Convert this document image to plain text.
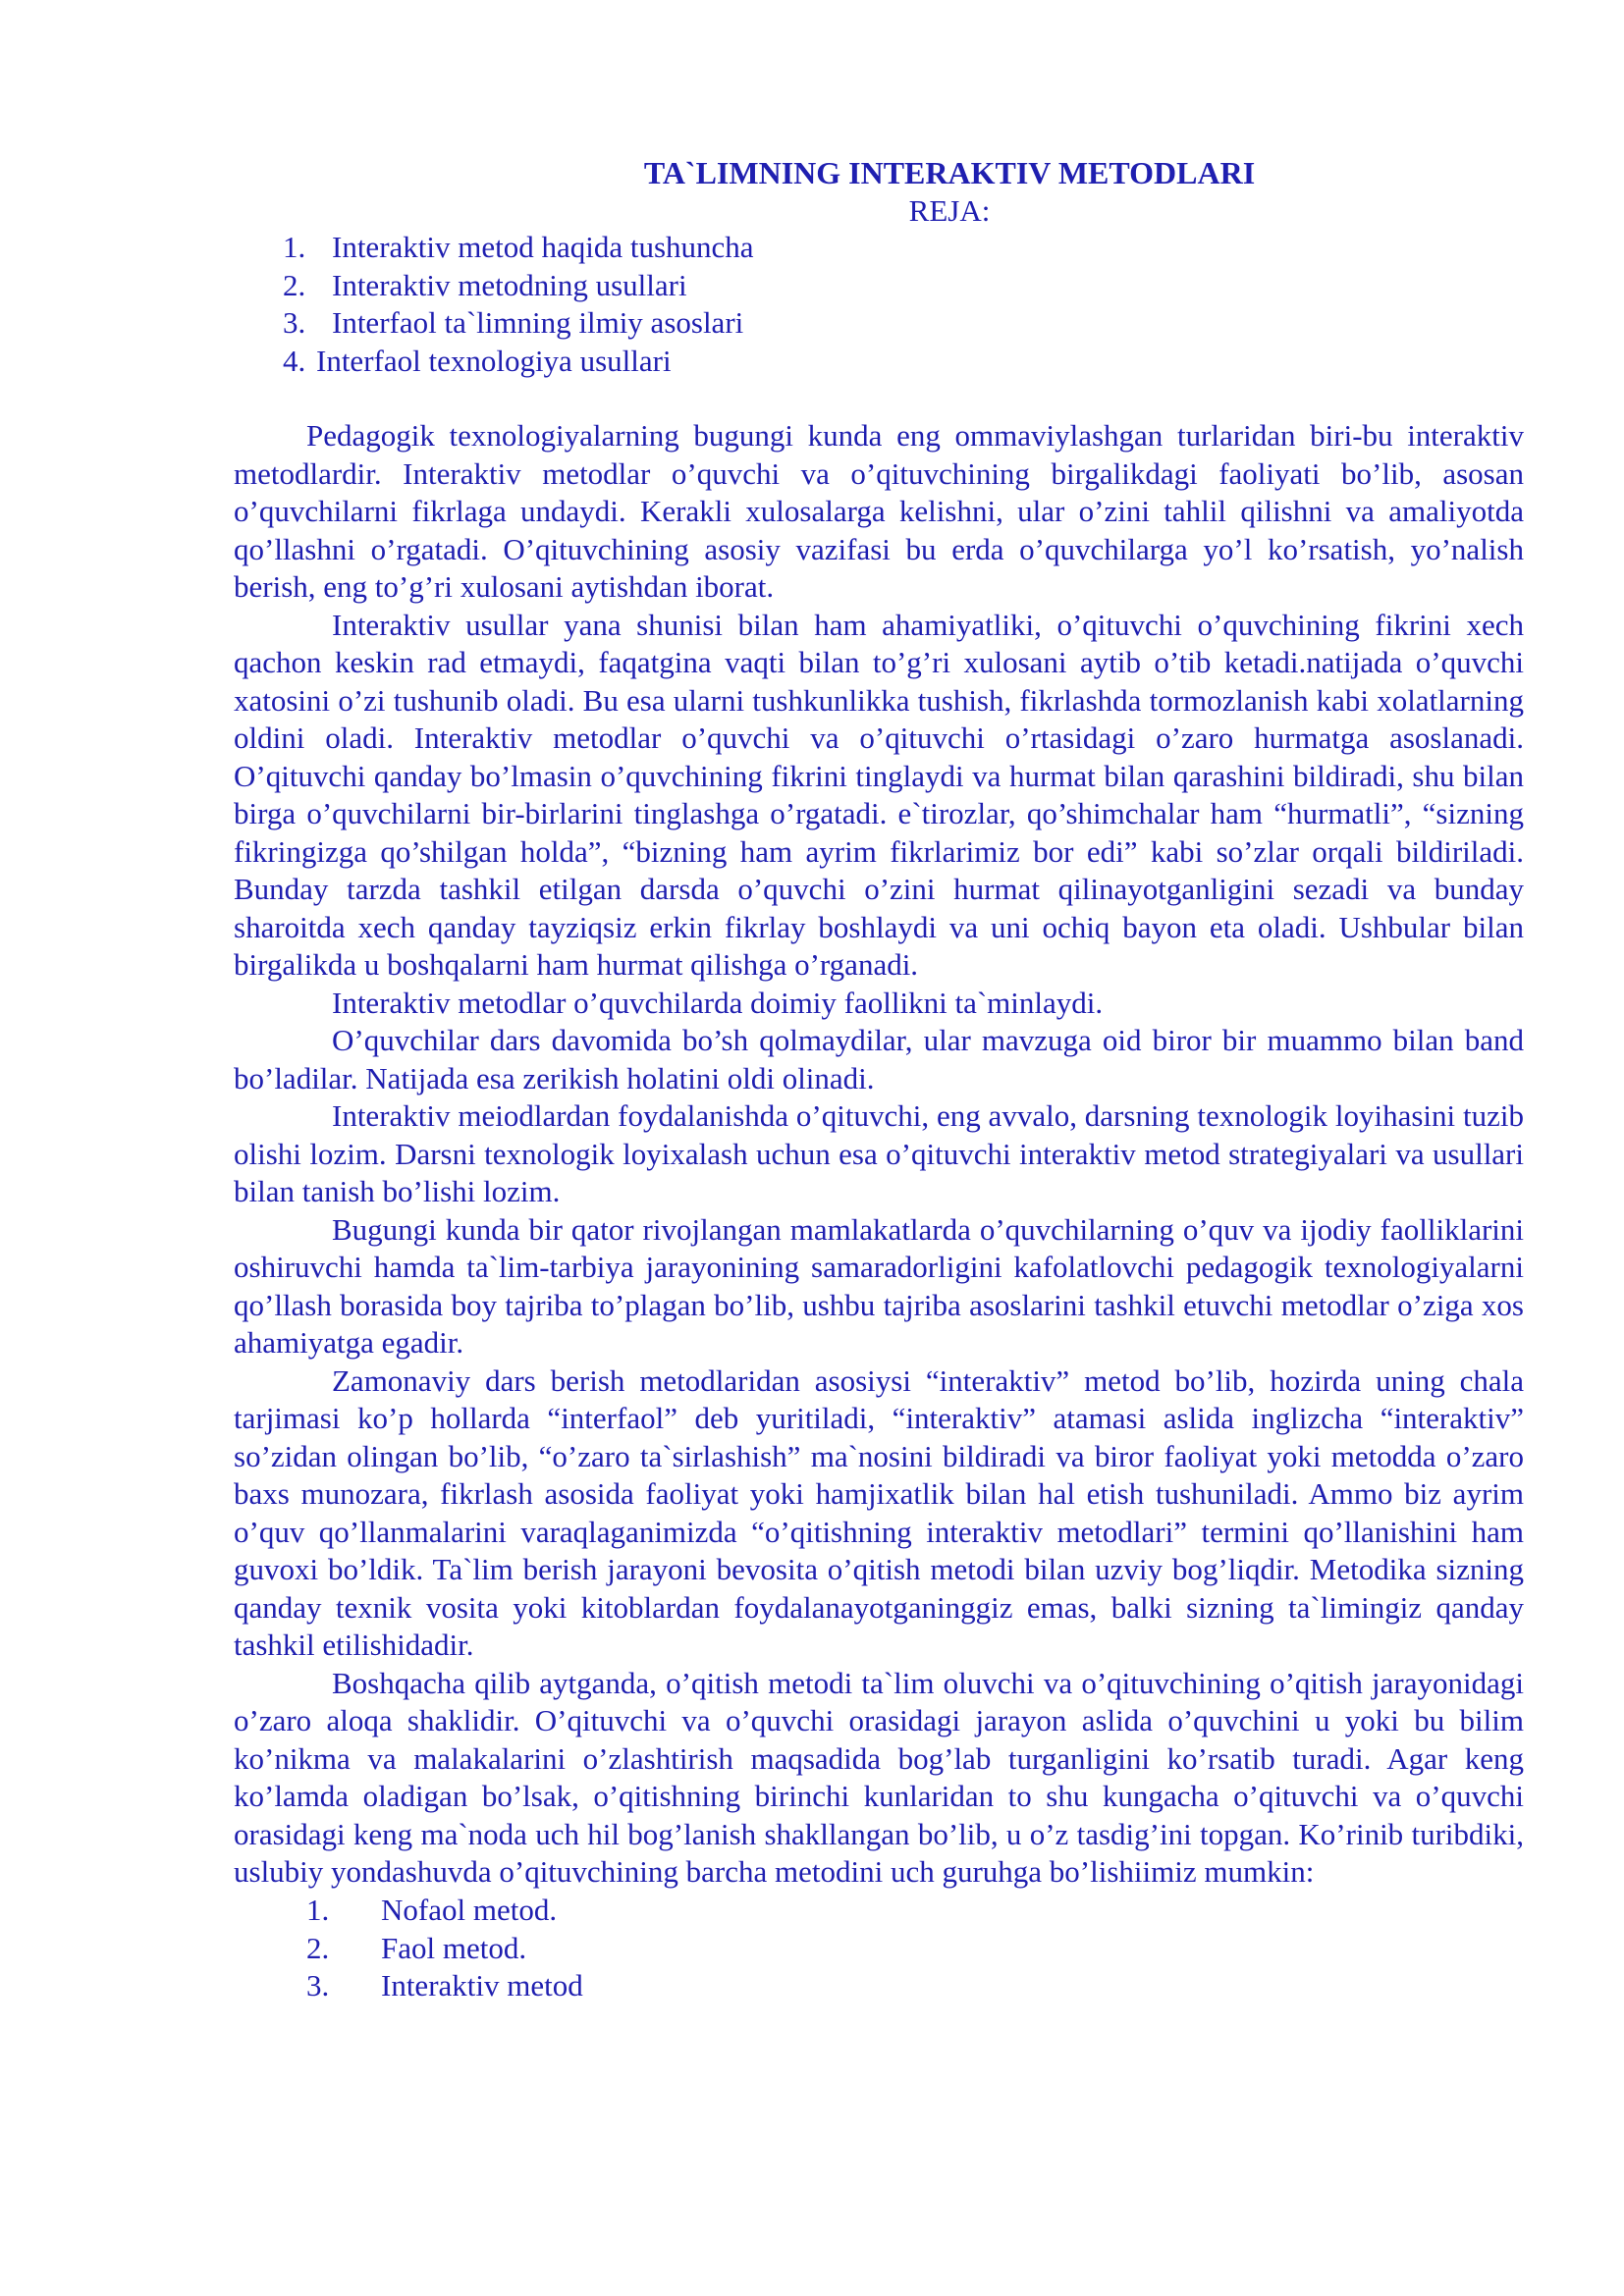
TA`LIMNING INTERAKTIV METODLARI
REJA:
1. Interaktiv metod haqida tushuncha
2. Interaktiv metodning usullari
3. Interfaol ta`limning ilmiy asoslari
4. Interfaol texnologiya usullari

Pedagogik texnologiyalarning bugungi kunda eng ommaviylashgan turlaridan biri-bu interaktiv metodlardir. Interaktiv metodlar o’quvchi va o’qituvchining birgalikdagi faoliyati bo’lib, asosan o’quvchilarni fikrlaga undaydi. Kerakli xulosalarga kelishni, ular o’zini tahlil qilishni va amaliyotda qo’llashni o’rgatadi. O’qituvchining asosiy vazifasi bu erda o’quvchilarga yo’l ko’rsatish, yo’nalish berish, eng to’g’ri xulosani aytishdan iborat.

Interaktiv usullar yana shunisi bilan ham ahamiyatliki, o’qituvchi o’quvchining fikrini xech qachon keskin rad etmaydi, faqatgina vaqti bilan to’g’ri xulosani aytib o’tib ketadi.natijada o’quvchi xatosini o’zi tushunib oladi. Bu esa ularni tushkunlikka tushish, fikrlashda tormozlanish kabi xolatlarning oldini oladi. Interaktiv metodlar o’quvchi va o’qituvchi o’rtasidagi o’zaro hurmatga asoslanadi. O’qituvchi qanday bo’lmasin o’quvchining fikrini tinglaydi va hurmat bilan qarashini bildiradi, shu bilan birga o’quvchilarni bir-birlarini tinglashga o’rgatadi. e`tirozlar, qo’shimchalar ham “hurmatli”, “sizning fikringizga qo’shilgan holda”, “bizning ham ayrim fikrlarimiz bor edi” kabi so’zlar orqali bildiriladi. Bunday tarzda tashkil etilgan darsda o’quvchi o’zini hurmat qilinayotganligini sezadi va bunday sharoitda xech qanday tayziqsiz erkin fikrlay boshlaydi va uni ochiq bayon eta oladi. Ushbular bilan birgalikda u boshqalarni ham hurmat qilishga o’rganadi.

Interaktiv metodlar o’quvchilarda doimiy faollikni ta`minlaydi.

O’quvchilar dars davomida bo’sh qolmaydilar, ular mavzuga oid biror bir muammo bilan band bo’ladilar. Natijada esa zerikish holatini oldi olinadi.

Interaktiv meiodlardan foydalanishda o’qituvchi, eng avvalo, darsning texnologik loyihasini tuzib olishi lozim. Darsni texnologik loyixalash uchun esa o’qituvchi interaktiv metod strategiyalari va usullari bilan tanish bo’lishi lozim.

Bugungi kunda bir qator rivojlangan mamlakatlarda o’quvchilarning o’quv va ijodiy faolliklarini oshiruvchi hamda ta`lim-tarbiya jarayonining samaradorligini kafolatlovchi pedagogik texnologiyalarni qo’llash borasida boy tajriba to’plagan bo’lib, ushbu tajriba asoslarini tashkil etuvchi metodlar o’ziga xos ahamiyatga egadir.

Zamonaviy dars berish metodlaridan asosiysi “interaktiv” metod bo’lib, hozirda uning chala tarjimasi ko’p hollarda “interfaol” deb yuritiladi, “interaktiv” atamasi aslida inglizcha “interaktiv” so’zidan olingan bo’lib, “o’zaro ta`sirlashish” ma`nosini bildiradi va biror faoliyat yoki metodda o’zaro baxs munozara, fikrlash asosida faoliyat yoki hamjixatlik bilan hal etish tushuniladi. Ammo biz ayrim o’quv qo’llanmalarini varaqlaganimizda “o’qitishning interaktiv metodlari” termini qo’llanishini ham guvoxi bo’ldik. Ta`lim berish jarayoni bevosita o’qitish metodi bilan uzviy bog’liqdir. Metodika sizning qanday texnik vosita yoki kitoblardan foydalanayotganinggiz emas, balki sizning ta`limingiz qanday tashkil etilishidadir.

Boshqacha qilib aytganda, o’qitish metodi ta`lim oluvchi va o’qituvchining o’qitish jarayonidagi o’zaro aloqa shaklidir. O’qituvchi va o’quvchi orasidagi jarayon aslida o’quvchini u yoki bu bilim ko’nikma va malakalarini o’zlashtirish maqsadida bog’lab turganligini ko’rsatib turadi. Agar keng ko’lamda oladigan bo’lsak, o’qitishning birinchi kunlaridan to shu kungacha o’qituvchi va o’quvchi orasidagi keng ma`noda uch hil bog’lanish shakllangan bo’lib, u o’z tasdig’ini topgan. Ko’rinib turibdiki, uslubiy yondashuvda o’qituvchining barcha metodini uch guruhga bo’lishiimiz mumkin:

1. Nofaol metod.
2. Faol metod.
3. Interaktiv metod
